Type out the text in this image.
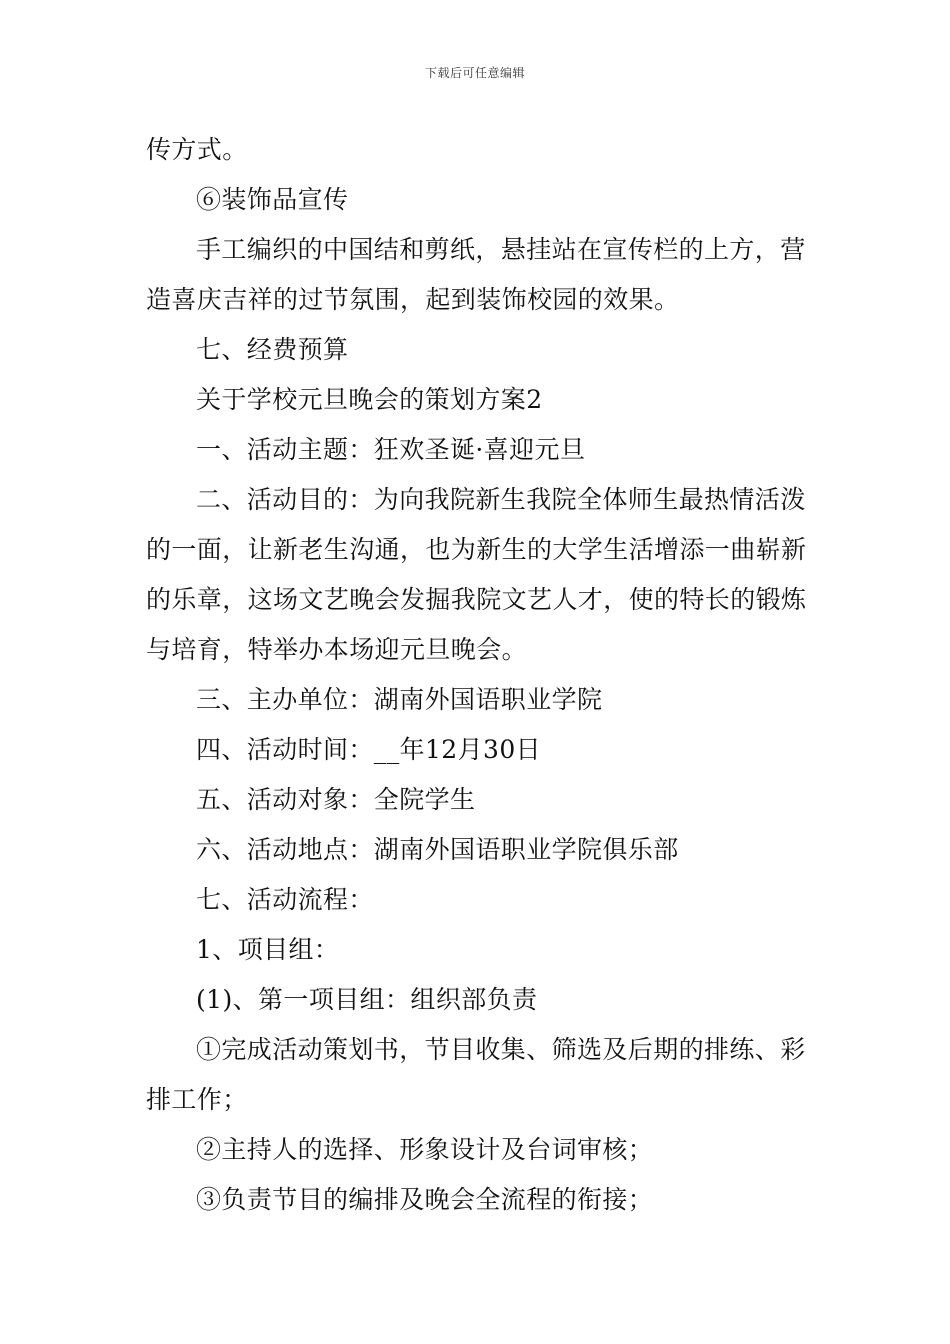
下载后可任意编辑

传方式。

⑥装饰品宣传

手工编织的中国结和剪纸，悬挂站在宣传栏的上方，营造喜庆吉祥的过节氛围，起到装饰校园的效果。

七、经费预算

关于学校元旦晚会的策划方案2

一、活动主题：狂欢圣诞·喜迎元旦

二、活动目的：为向我院新生我院全体师生最热情活泼的一面，让新老生沟通，也为新生的大学生活增添一曲崭新的乐章，这场文艺晚会发掘我院文艺人才，使的特长的锻炼与培育，特举办本场迎元旦晚会。

三、主办单位：湖南外国语职业学院

四、活动时间：__年12月30日

五、活动对象：全院学生

六、活动地点：湖南外国语职业学院俱乐部

七、活动流程：

1、项目组：

(1)、第一项目组：组织部负责

①完成活动策划书，节目收集、筛选及后期的排练、彩排工作；

②主持人的选择、形象设计及台词审核；

③负责节目的编排及晚会全流程的衔接；
